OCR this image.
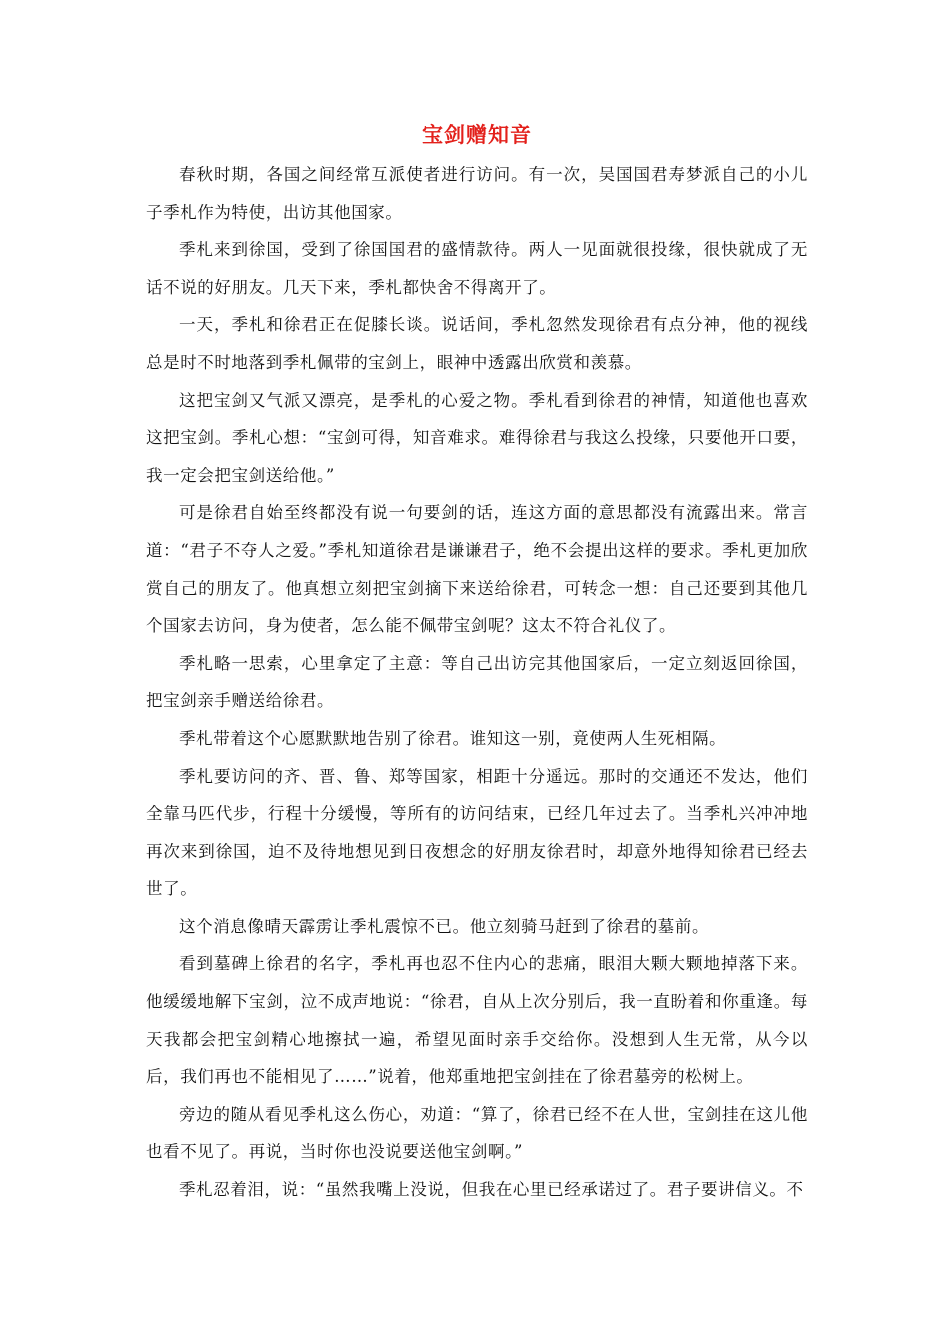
宝剑赠知音

春秋时期，各国之间经常互派使者进行访问。有一次，吴国国君寿梦派自己的小儿子季札作为特使，出访其他国家。

季札来到徐国，受到了徐国国君的盛情款待。两人一见面就很投缘，很快就成了无话不说的好朋友。几天下来，季札都快舍不得离开了。

一天，季札和徐君正在促膝长谈。说话间，季札忽然发现徐君有点分神，他的视线总是时不时地落到季札佩带的宝剑上，眼神中透露出欣赏和羡慕。

这把宝剑又气派又漂亮，是季札的心爱之物。季札看到徐君的神情，知道他也喜欢这把宝剑。季札心想：“宝剑可得，知音难求。难得徐君与我这么投缘，只要他开口要，我一定会把宝剑送给他。”

可是徐君自始至终都没有说一句要剑的话，连这方面的意思都没有流露出来。常言道：“君子不夺人之爱。”季札知道徐君是谦谦君子，绝不会提出这样的要求。季札更加欣赏自己的朋友了。他真想立刻把宝剑摘下来送给徐君，可转念一想：自己还要到其他几个国家去访问，身为使者，怎么能不佩带宝剑呢？这太不符合礼仪了。

季札略一思索，心里拿定了主意：等自己出访完其他国家后，一定立刻返回徐国，把宝剑亲手赠送给徐君。

季札带着这个心愿默默地告别了徐君。谁知这一别，竟使两人生死相隔。

季札要访问的齐、晋、鲁、郑等国家，相距十分遥远。那时的交通还不发达，他们全靠马匹代步，行程十分缓慢，等所有的访问结束，已经几年过去了。当季札兴冲冲地再次来到徐国，迫不及待地想见到日夜想念的好朋友徐君时，却意外地得知徐君已经去世了。

这个消息像晴天霹雳让季札震惊不已。他立刻骑马赶到了徐君的墓前。

看到墓碑上徐君的名字，季札再也忍不住内心的悲痛，眼泪大颗大颗地掉落下来。他缓缓地解下宝剑，泣不成声地说：“徐君，自从上次分别后，我一直盼着和你重逢。每天我都会把宝剑精心地擦拭一遍，希望见面时亲手交给你。没想到人生无常，从今以后，我们再也不能相见了……”说着，他郑重地把宝剑挂在了徐君墓旁的松树上。

旁边的随从看见季札这么伤心，劝道：“算了，徐君已经不在人世，宝剑挂在这儿他也看不见了。再说，当时你也没说要送他宝剑啊。”

季札忍着泪，说：“虽然我嘴上没说，但我在心里已经承诺过了。君子要讲信义。不
